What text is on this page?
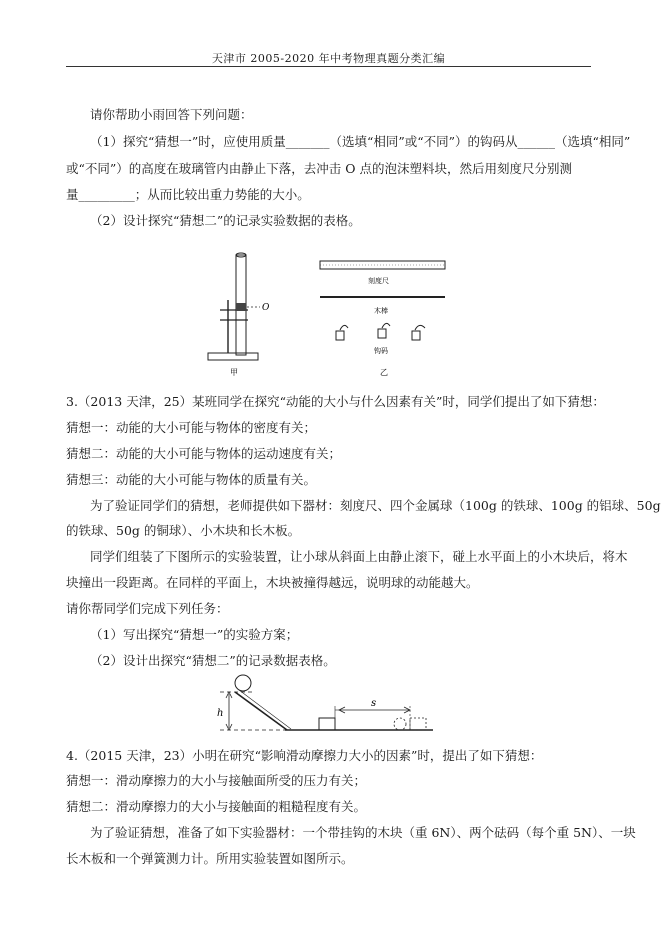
天津市 2005-2020 年中考物理真题分类汇编
请你帮助小雨回答下列问题：
（1）探究“猜想一”时，应使用质量_______（选填“相同”或“不同”）的钩码从______（选填“相同”
或“不同”）的高度在玻璃管内由静止下落，去冲击 O 点的泡沫塑料块，然后用刻度尺分别测
量_________；从而比较出重力势能的大小。
（2）设计探究“猜想二”的记录实验数据的表格。
O
甲
刻度尺
木棒
钩码
乙
3.（2013 天津，25）某班同学在探究“动能的大小与什么因素有关”时，同学们提出了如下猜想：
猜想一：动能的大小可能与物体的密度有关；
猜想二：动能的大小可能与物体的运动速度有关；
猜想三：动能的大小可能与物体的质量有关。
为了验证同学们的猜想，老师提供如下器材：刻度尺、四个金属球（100g 的铁球、100g 的铝球、50g
的铁球、50g 的铜球）、小木块和长木板。
同学们组装了下图所示的实验装置，让小球从斜面上由静止滚下，碰上水平面上的小木块后，将木
块撞出一段距离。在同样的平面上，木块被撞得越远，说明球的动能越大。
请你帮同学们完成下列任务：
（1）写出探究“猜想一”的实验方案；
（2）设计出探究“猜想二”的记录数据表格。
h
s
4.（2015 天津，23）小明在研究“影响滑动摩擦力大小的因素”时，提出了如下猜想：
猜想一：滑动摩擦力的大小与接触面所受的压力有关；
猜想二：滑动摩擦力的大小与接触面的粗糙程度有关。
为了验证猜想，准备了如下实验器材：一个带挂钩的木块（重 6N）、两个砝码（每个重 5N）、一块
长木板和一个弹簧测力计。所用实验装置如图所示。
